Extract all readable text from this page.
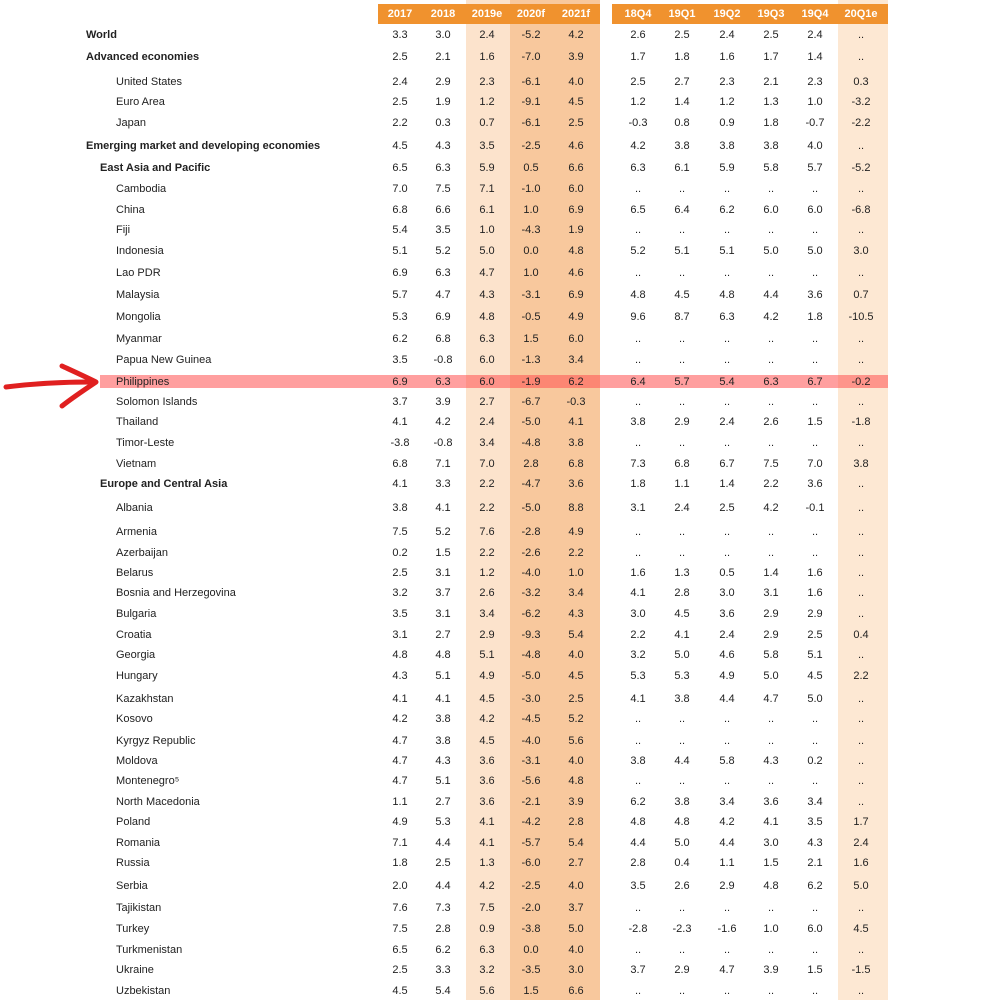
2017	2018	2019e	2020f	2021f	18Q4	19Q1	19Q2	19Q3	19Q4	20Q1e
World	3.3	3.0	2.4	-5.2	4.2	2.6	2.5	2.4	2.5	2.4	..
Advanced economies	2.5	2.1	1.6	-7.0	3.9	1.7	1.8	1.6	1.7	1.4	..
United States	2.4	2.9	2.3	-6.1	4.0	2.5	2.7	2.3	2.1	2.3	0.3
Euro Area	2.5	1.9	1.2	-9.1	4.5	1.2	1.4	1.2	1.3	1.0	-3.2
Japan	2.2	0.3	0.7	-6.1	2.5	-0.3	0.8	0.9	1.8	-0.7	-2.2
Emerging market and developing economies	4.5	4.3	3.5	-2.5	4.6	4.2	3.8	3.8	3.8	4.0	..
East Asia and Pacific	6.5	6.3	5.9	0.5	6.6	6.3	6.1	5.9	5.8	5.7	-5.2
Cambodia	7.0	7.5	7.1	-1.0	6.0	..	..	..	..	..	..
China	6.8	6.6	6.1	1.0	6.9	6.5	6.4	6.2	6.0	6.0	-6.8
Fiji	5.4	3.5	1.0	-4.3	1.9	..	..	..	..	..	..
Indonesia	5.1	5.2	5.0	0.0	4.8	5.2	5.1	5.1	5.0	5.0	3.0
Lao PDR	6.9	6.3	4.7	1.0	4.6	..	..	..	..	..	..
Malaysia	5.7	4.7	4.3	-3.1	6.9	4.8	4.5	4.8	4.4	3.6	0.7
Mongolia	5.3	6.9	4.8	-0.5	4.9	9.6	8.7	6.3	4.2	1.8	-10.5
Myanmar	6.2	6.8	6.3	1.5	6.0	..	..	..	..	..	..
Papua New Guinea	3.5	-0.8	6.0	-1.3	3.4	..	..	..	..	..	..
Philippines	6.9	6.3	6.0	-1.9	6.2	6.4	5.7	5.4	6.3	6.7	-0.2
Solomon Islands	3.7	3.9	2.7	-6.7	-0.3	..	..	..	..	..	..
Thailand	4.1	4.2	2.4	-5.0	4.1	3.8	2.9	2.4	2.6	1.5	-1.8
Timor-Leste	-3.8	-0.8	3.4	-4.8	3.8	..	..	..	..	..	..
Vietnam	6.8	7.1	7.0	2.8	6.8	7.3	6.8	6.7	7.5	7.0	3.8
Europe and Central Asia	4.1	3.3	2.2	-4.7	3.6	1.8	1.1	1.4	2.2	3.6	..
Albania	3.8	4.1	2.2	-5.0	8.8	3.1	2.4	2.5	4.2	-0.1	..
Armenia	7.5	5.2	7.6	-2.8	4.9	..	..	..	..	..	..
Azerbaijan	0.2	1.5	2.2	-2.6	2.2	..	..	..	..	..	..
Belarus	2.5	3.1	1.2	-4.0	1.0	1.6	1.3	0.5	1.4	1.6	..
Bosnia and Herzegovina	3.2	3.7	2.6	-3.2	3.4	4.1	2.8	3.0	3.1	1.6	..
Bulgaria	3.5	3.1	3.4	-6.2	4.3	3.0	4.5	3.6	2.9	2.9	..
Croatia	3.1	2.7	2.9	-9.3	5.4	2.2	4.1	2.4	2.9	2.5	0.4
Georgia	4.8	4.8	5.1	-4.8	4.0	3.2	5.0	4.6	5.8	5.1	..
Hungary	4.3	5.1	4.9	-5.0	4.5	5.3	5.3	4.9	5.0	4.5	2.2
Kazakhstan	4.1	4.1	4.5	-3.0	2.5	4.1	3.8	4.4	4.7	5.0	..
Kosovo	4.2	3.8	4.2	-4.5	5.2	..	..	..	..	..	..
Kyrgyz Republic	4.7	3.8	4.5	-4.0	5.6	..	..	..	..	..	..
Moldova	4.7	4.3	3.6	-3.1	4.0	3.8	4.4	5.8	4.3	0.2	..
Montenegro⁵	4.7	5.1	3.6	-5.6	4.8	..	..	..	..	..	..
North Macedonia	1.1	2.7	3.6	-2.1	3.9	6.2	3.8	3.4	3.6	3.4	..
Poland	4.9	5.3	4.1	-4.2	2.8	4.8	4.8	4.2	4.1	3.5	1.7
Romania	7.1	4.4	4.1	-5.7	5.4	4.4	5.0	4.4	3.0	4.3	2.4
Russia	1.8	2.5	1.3	-6.0	2.7	2.8	0.4	1.1	1.5	2.1	1.6
Serbia	2.0	4.4	4.2	-2.5	4.0	3.5	2.6	2.9	4.8	6.2	5.0
Tajikistan	7.6	7.3	7.5	-2.0	3.7	..	..	..	..	..	..
Turkey	7.5	2.8	0.9	-3.8	5.0	-2.8	-2.3	-1.6	1.0	6.0	4.5
Turkmenistan	6.5	6.2	6.3	0.0	4.0	..	..	..	..	..	..
Ukraine	2.5	3.3	3.2	-3.5	3.0	3.7	2.9	4.7	3.9	1.5	-1.5
Uzbekistan	4.5	5.4	5.6	1.5	6.6	..	..	..	..	..	..
